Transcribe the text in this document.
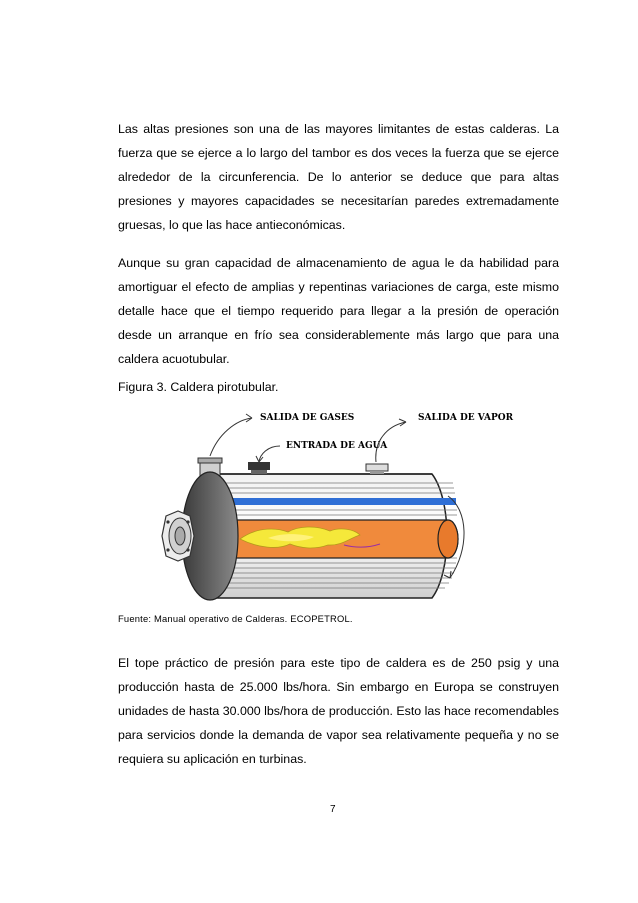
Las altas presiones son una de las mayores limitantes de estas calderas. La fuerza que se ejerce a lo largo del tambor es dos veces la fuerza que se ejerce alrededor de la circunferencia. De lo anterior se deduce que para altas presiones y mayores capacidades se necesitarían paredes extremadamente gruesas, lo que las hace antieconómicas.

Aunque su gran capacidad de almacenamiento de agua le da habilidad para amortiguar el efecto de amplias y repentinas variaciones de carga, este mismo detalle hace que el tiempo requerido para llegar a la presión de operación desde un arranque en frío sea considerablemente más largo que para una caldera acuotubular.

Figura 3. Caldera pirotubular.

SALIDA DE GASES
ENTRADA DE AGUA
SALIDA DE VAPOR

Fuente: Manual operativo de Calderas. ECOPETROL.

El tope práctico de presión para este tipo de caldera es de 250 psig y una producción hasta de 25.000 lbs/hora. Sin embargo en Europa se construyen unidades de hasta 30.000 lbs/hora de producción. Esto las hace recomendables para servicios donde la demanda de vapor sea relativamente pequeña y no se requiera su aplicación en turbinas.

7
